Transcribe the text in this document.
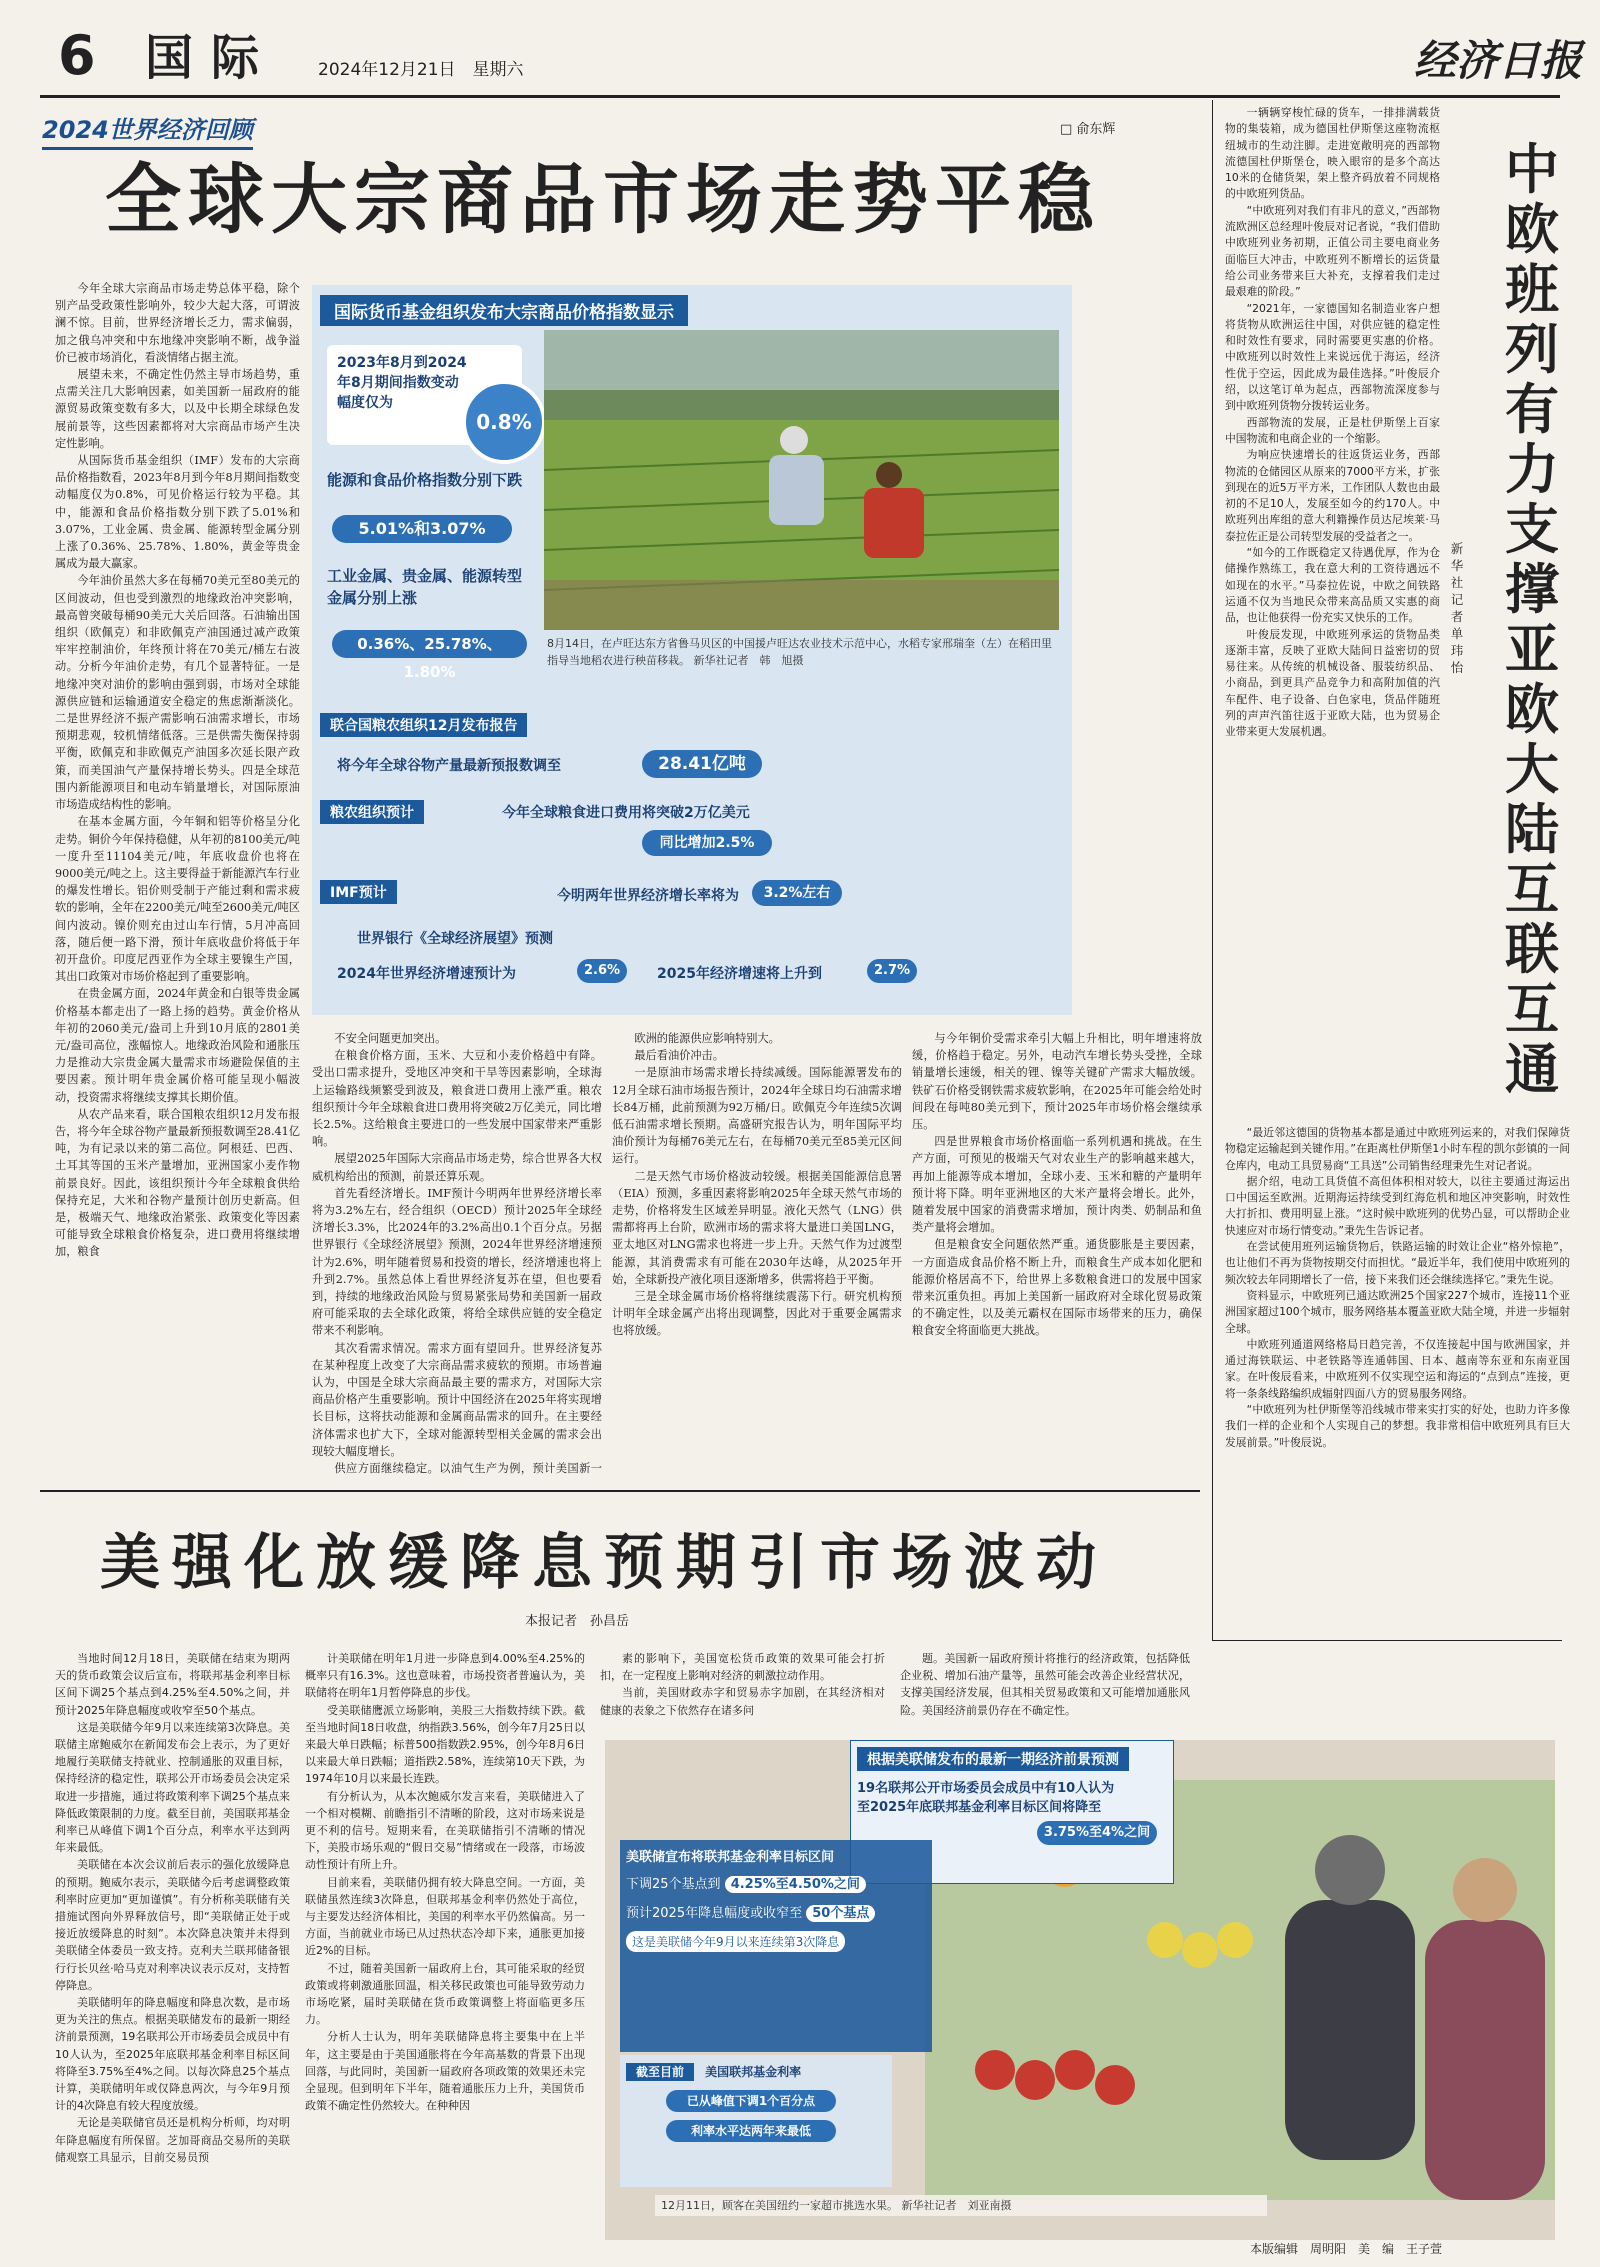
6 国际 2024年12月21日　星期六	经济日报
2024世界经济回顾	□ 俞东辉
全球大宗商品市场走势平稳

今年全球大宗商品市场走势总体平稳，除个别产品受政策性影响外，较少大起大落，可谓波澜不惊。目前，世界经济增长乏力，需求偏弱，加之俄乌冲突和中东地缘冲突影响不断，战争溢价已被市场消化，看淡情绪占据主流。

展望未来，不确定性仍然主导市场趋势，重点需关注几大影响因素，如美国新一届政府的能源贸易政策变数有多大，以及中长期全球绿色发展前景等，这些因素都将对大宗商品市场产生决定性影响。

从国际货币基金组织（IMF）发布的大宗商品价格指数看，2023年8月到今年8月期间指数变动幅度仅为0.8%，可见价格运行较为平稳。其中，能源和食品价格指数分别下跌了5.01%和3.07%，工业金属、贵金属、能源转型金属分别上涨了0.36%、25.78%、1.80%，黄金等贵金属成为最大赢家。

今年油价虽然大多在每桶70美元至80美元的区间波动，但也受到激烈的地缘政治冲突影响，最高曾突破每桶90美元大关后回落。石油输出国组织（欧佩克）和非欧佩克产油国通过减产政策牢牢控制油价，年终预计将在70美元/桶左右波动。分析今年油价走势，有几个显著特征。一是地缘冲突对油价的影响由强到弱，市场对全球能源供应链和运输通道安全稳定的焦虑渐渐淡化。二是世界经济不振产需影响石油需求增长，市场预期悲观，较机情绪低落。三是供需失衡保持弱平衡，欧佩克和非欧佩克产油国多次延长限产政策，而美国油气产量保持增长势头。四是全球范围内新能源项目和电动车销量增长，对国际原油市场造成结构性的影响。

在基本金属方面，今年铜和铝等价格呈分化走势。铜价今年保持稳健，从年初的8100美元/吨一度升至11104美元/吨，年底收盘价也将在9000美元/吨之上。这主要得益于新能源汽车行业的爆发性增长。铝价则受制于产能过剩和需求疲软的影响，全年在2200美元/吨至2600美元/吨区间内波动。镍价则充由过山车行情，5月冲高回落，随后便一路下滑，预计年底收盘价将低于年初开盘价。印度尼西亚作为全球主要镍生产国，其出口政策对市场价格起到了重要影响。

在贵金属方面，2024年黄金和白银等贵金属价格基本都走出了一路上扬的趋势。黄金价格从年初的2060美元/盎司上升到10月底的2801美元/盎司高位，涨幅惊人。地缘政治风险和通胀压力是推动大宗贵金属大量需求市场避险保值的主要因素。预计明年贵金属价格可能呈现小幅波动，投资需求将继续支撑其长期价值。

从农产品来看，联合国粮农组织12月发布报告，将今年全球谷物产量最新预报数调至28.41亿吨，为有记录以来的第二高位。阿根廷、巴西、土耳其等国的玉米产量增加，亚洲国家小麦作物前景良好。因此，该组织预计今年全球粮食供给保持充足，大米和谷物产量预计创历史新高。但是，极端天气、地缘政治紧张、政策变化等因素可能导致全球粮食价格复杂，进口费用将继续增加，粮食

不安全问题更加突出。

在粮食价格方面，玉米、大豆和小麦价格趋中有降。受出口需求提升，受地区冲突和干旱等因素影响，全球海上运输路线频繁受到波及，粮食进口费用上涨严重。粮农组织预计今年全球粮食进口费用将突破2万亿美元，同比增长2.5%。这给粮食主要进口的一些发展中国家带来严重影响。

展望2025年国际大宗商品市场走势，综合世界各大权威机构给出的预测，前景还算乐观。

首先看经济增长。IMF预计今明两年世界经济增长率将为3.2%左右，经合组织（OECD）预计2025年全球经济增长3.3%，比2024年的3.2%高出0.1个百分点。另据世界银行《全球经济展望》预测，2024年世界经济增速预计为2.6%，明年随着贸易和投资的增长，经济增速也将上升到2.7%。虽然总体上看世界经济复苏在望，但也要看到，持续的地缘政治风险与贸易紧张局势和美国新一届政府可能采取的去全球化政策，将给全球供应链的安全稳定带来不利影响。

其次看需求情况。需求方面有望回升。世界经济复苏在某种程度上改变了大宗商品需求疲软的预期。市场普遍认为，中国是全球大宗商品最主要的需求方，对国际大宗商品价格产生重要影响。预计中国经济在2025年将实现增长目标，这将扶动能源和金属商品需求的回升。在主要经济体需求也扩大下，全球对能源转型相关金属的需求会出现较大幅度增长。

供应方面继续稳定。以油气生产为例，预计美国新一

欧洲的能源供应影响特别大。

最后看油价冲击。

一是原油市场需求增长持续减缓。国际能源署发布的12月全球石油市场报告预计，2024年全球日均石油需求增长84万桶，此前预测为92万桶/日。欧佩克今年连续5次调低石油需求增长预期。高盛研究报告认为，明年国际平均油价预计为每桶76美元左右，在每桶70美元至85美元区间运行。

二是天然气市场价格波动较缓。根据美国能源信息署（EIA）预测，多重因素将影响2025年全球天然气市场的走势，价格将发生区域差异明显。液化天然气（LNG）供需都将再上台阶，欧洲市场的需求将大量进口美国LNG，亚太地区对LNG需求也将进一步上升。天然气作为过渡型能源，其消费需求有可能在2030年达峰，从2025年开始，全球新投产液化项目逐渐增多，供需将趋于平衡。

三是全球金属市场价格将继续震荡下行。研究机构预计明年全球金属产出将出现调整，因此对于重要金属需求也将放缓。

与今年铜价受需求牵引大幅上升相比，明年增速将放缓，价格趋于稳定。另外，电动汽车增长势头受挫，全球销量增长速缓，相关的锂、镍等关键矿产需求大幅放缓。铁矿石价格受钢铁需求疲软影响，在2025年可能会给处时间段在每吨80美元到下，预计2025年市场价格会继续承压。

四是世界粮食市场价格面临一系列机遇和挑战。在生产方面，可预见的极端天气对农业生产的影响越来越大，再加上能源等成本增加，全球小麦、玉米和糖的产量明年预计将下降。明年亚洲地区的大米产量将会增长。此外，随着发展中国家的消费需求增加，预计肉类、奶制品和鱼类产量将会增加。

但是粮食安全问题依然严重。通货膨胀是主要因素，一方面造成食品价格不断上升，而粮食生产成本如化肥和能源价格居高不下，给世界上多数粮食进口的发展中国家带来沉重负担。再加上美国新一届政府对全球化贸易政策的不确定性，以及美元霸权在国际市场带来的压力，确保粮食安全将面临更大挑战。

国际货币基金组织发布大宗商品价格指数显示
2023年8月到2024年8月期间指数变动幅度仅为
0.8%
能源和食品价格指数分别下跌
5.01%和3.07%
工业金属、贵金属、能源转型金属分别上涨
0.36%、25.78%、1.80%
8月14日，在卢旺达东方省鲁马贝区的中国援卢旺达农业技术示范中心，水稻专家邢瑞奎（左）在稻田里指导当地稻农进行秧苗移栽。 新华社记者　韩　旭摄
联合国粮农组织12月发布报告
将今年全球谷物产量最新预报数调至	28.41亿吨
粮农组织预计	今年全球粮食进口费用将突破2万亿美元
同比增加2.5%
IMF预计	今明两年世界经济增长率将为	3.2%左右
世界银行《全球经济展望》预测
2024年世界经济增速预计为	2.6%	2025年经济增速将上升到	2.7%
美强化放缓降息预期引市场波动
本报记者　孙昌岳

当地时间12月18日，美联储在结束为期两天的货币政策会议后宣布，将联邦基金利率目标区间下调25个基点到4.25%至4.50%之间，并预计2025年降息幅度或收窄至50个基点。

这是美联储今年9月以来连续第3次降息。美联储主席鲍威尔在新闻发布会上表示，为了更好地履行美联储支持就业、控制通胀的双重目标，保持经济的稳定性，联邦公开市场委员会决定采取进一步措施，通过将政策利率下调25个基点来降低政策限制的力度。截至目前，美国联邦基金利率已从峰值下调1个百分点，利率水平达到两年来最低。

美联储在本次会议前后表示的强化放缓降息的预期。鲍威尔表示，美联储今后考虑调整政策利率时应更加“更加谨慎”。有分析称美联储有关措施试图向外界释放信号，即“美联储正处于或接近放缓降息的时刻”。本次降息决策并未得到美联储全体委员一致支持。克利夫兰联邦储备银行行长贝丝·哈马克对利率决议表示反对，支持暂停降息。

美联储明年的降息幅度和降息次数，是市场更为关注的焦点。根据美联储发布的最新一期经济前景预测，19名联邦公开市场委员会成员中有10人认为，至2025年底联邦基金利率目标区间将降至3.75%至4%之间。以每次降息25个基点计算，美联储明年或仅降息两次，与今年9月预计的4次降息有较大程度放缓。

无论是美联储官员还是机构分析师，均对明年降息幅度有所保留。芝加哥商品交易所的美联储观察工具显示，目前交易员预

计美联储在明年1月进一步降息到4.00%至4.25%的概率只有16.3%。这也意味着，市场投资者普遍认为，美联储将在明年1月暂停降息的步伐。

受美联储鹰派立场影响，美股三大指数持续下跌。截至当地时间18日收盘，纳指跌3.56%，创今年7月25日以来最大单日跌幅；标普500指数跌2.95%，创今年8月6日以来最大单日跌幅；道指跌2.58%，连续第10天下跌，为1974年10月以来最长连跌。

有分析认为，从本次鲍威尔发言来看，美联储进入了一个相对模糊、前瞻指引不清晰的阶段，这对市场来说是更不利的信号。短期来看，在美联储指引不清晰的情况下，美股市场乐观的“假日交易”情绪或在一段落，市场波动性预计有所上升。

目前来看，美联储仍拥有较大降息空间。一方面，美联储虽然连续3次降息，但联邦基金利率仍然处于高位，与主要发达经济体相比，美国的利率水平仍然偏高。另一方面，当前就业市场已从过热状态冷却下来，通胀更加接近2%的目标。

不过，随着美国新一届政府上台，其可能采取的经贸政策或将刺激通胀回温，相关移民政策也可能导致劳动力市场吃紧，届时美联储在货币政策调整上将面临更多压力。

分析人士认为，明年美联储降息将主要集中在上半年，这主要是由于美国通胀将在今年高基数的背景下出现回落，与此同时，美国新一届政府各项政策的效果还未完全显现。但到明年下半年，随着通胀压力上升，美国货币政策不确定性仍然较大。在种种因

素的影响下，美国宽松货币政策的效果可能会打折扣，在一定程度上影响对经济的刺激拉动作用。

当前，美国财政赤字和贸易赤字加剧，在其经济相对健康的表象之下依然存在诸多问

题。美国新一届政府预计将推行的经济政策，包括降低企业税、增加石油产量等，虽然可能会改善企业经营状况，支撑美国经济发展，但其相关贸易政策和又可能增加通胀风险。美国经济前景仍存在不确定性。

根据美联储发布的最新一期经济前景预测
19名联邦公开市场委员会成员中有10人认为
至2025年底联邦基金利率目标区间将降至
3.75%至4%之间
美联储宣布将联邦基金利率目标区间
下调25个基点到 4.25%至4.50%之间
预计2025年降息幅度或收窄至 50个基点
这是美联储今年9月以来连续第3次降息
截至目前 美国联邦基金利率
已从峰值下调1个百分点
利率水平达两年来最低
12月11日，顾客在美国纽约一家超市挑选水果。 新华社记者　刘亚南摄
中欧班列有力支撑亚欧大陆互联互通
新华社记者　单玮怡

一辆辆穿梭忙碌的货车，一排排满载货物的集装箱，成为德国杜伊斯堡这座物流枢纽城市的生动注脚。走进宽敞明亮的西部物流德国杜伊斯堡仓，映入眼帘的是多个高达10米的仓储货架，架上整齐码放着不同规格的中欧班列货品。

“中欧班列对我们有非凡的意义，”西部物流欧洲区总经理叶俊辰对记者说，“我们借助中欧班列业务初期，正值公司主要电商业务面临巨大冲击，中欧班列不断增长的运货量给公司业务带来巨大补充，支撑着我们走过最艰难的阶段。”

“2021年，一家德国知名制造业客户想将货物从欧洲运往中国，对供应链的稳定性和时效性有要求，同时需要更实惠的价格。中欧班列以时效性上来说远优于海运，经济性优于空运，因此成为最佳选择。”叶俊辰介绍，以这笔订单为起点，西部物流深度参与到中欧班列货物分拨转运业务。

西部物流的发展，正是杜伊斯堡上百家中国物流和电商企业的一个缩影。

为响应快速增长的往返货运业务，西部物流的仓储园区从原来的7000平方米，扩张到现在的近5万平方米，工作团队人数也由最初的不足10人，发展至如今的约170人。中欧班列出库组的意大利籍操作员达尼埃莱·马泰拉佐正是公司转型发展的受益者之一。

“如今的工作既稳定又待遇优厚，作为仓储操作熟练工，我在意大利的工资待遇远不如现在的水平。”马泰拉佐说，中欧之间铁路运通不仅为当地民众带来高品质又实惠的商品，也让他获得一份充实又快乐的工作。

叶俊辰发现，中欧班列承运的货物品类逐渐丰富，反映了亚欧大陆间日益密切的贸易往来。从传统的机械设备、服装纺织品、小商品，到更具产品竞争力和高附加值的汽车配件、电子设备、白色家电，货品伴随班列的声声汽笛往返于亚欧大陆，也为贸易企业带来更大发展机遇。

“最近邻这德国的货物基本都是通过中欧班列运来的，对我们保障货物稳定运输起到关键作用。”在距离杜伊斯堡1小时车程的凯尔彭镇的一间仓库内，电动工具贸易商“工具送”公司销售经理秉先生对记者说。

据介绍，电动工具货值不高但体积相对较大，以往主要通过海运出口中国运至欧洲。近期海运持续受到红海危机和地区冲突影响，时效性大打折扣、费用明显上涨。“这时候中欧班列的优势凸显，可以帮助企业快速应对市场行情变动。”秉先生告诉记者。

在尝试使用班列运输货物后，铁路运输的时效让企业“格外惊艳”，也让他们不再为货物按期交付而担忧。“最近半年，我们使用中欧班列的频次较去年同期增长了一倍，接下来我们还会继续选择它。”秉先生说。

资料显示，中欧班列已通达欧洲25个国家227个城市，连接11个亚洲国家超过100个城市，服务网络基本覆盖亚欧大陆全境，并进一步辐射全球。

中欧班列通道网络格局日趋完善，不仅连接起中国与欧洲国家，并通过海铁联运、中老铁路等连通韩国、日本、越南等东亚和东南亚国家。在叶俊辰看来，中欧班列不仅实现空运和海运的“点到点”连接，更将一条条线路编织成辐射四面八方的贸易服务网络。

“中欧班列为杜伊斯堡等沿线城市带来实打实的好处，也助力许多像我们一样的企业和个人实现自己的梦想。我非常相信中欧班列具有巨大发展前景。”叶俊辰说。

本版编辑　周明阳　美　编　王子萱
